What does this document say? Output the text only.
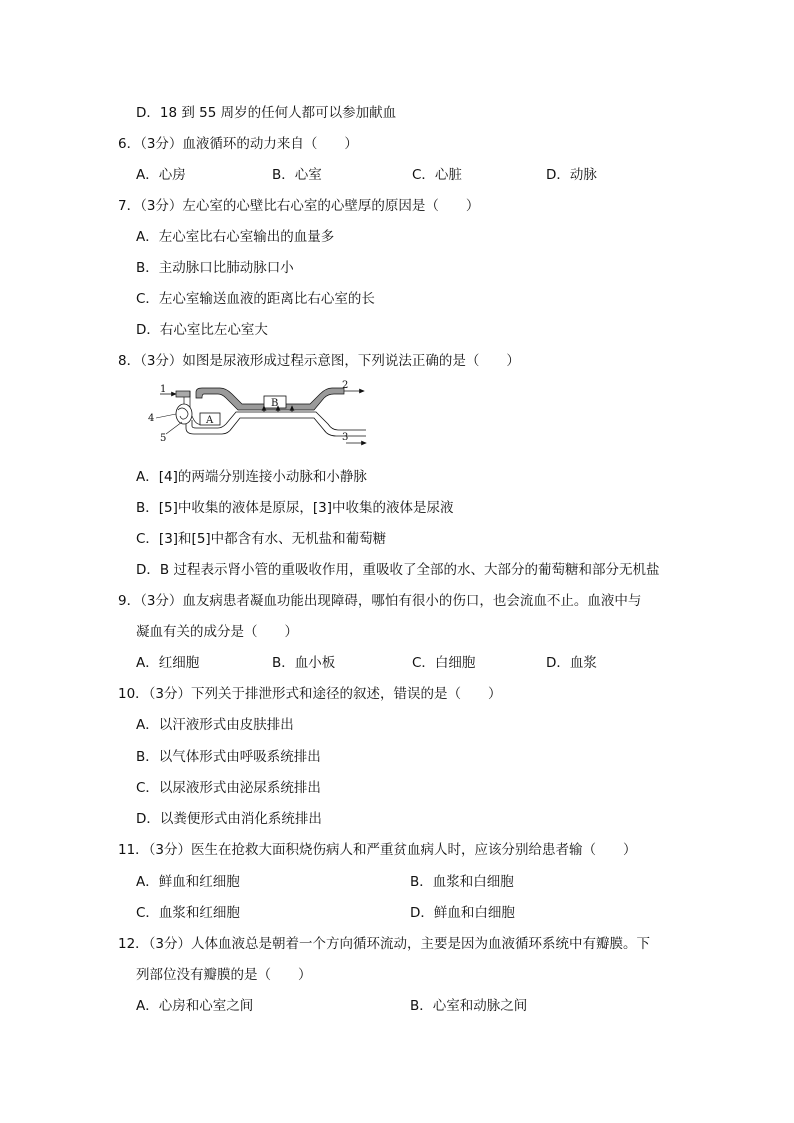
D．18 到 55 周岁的任何人都可以参加献血
6．（3分）血液循环的动力来自（　　）
A．心房	B．心室	C．心脏	D．动脉
7．（3分）左心室的心壁比右心室的心壁厚的原因是（　　）
A．左心室比右心室输出的血量多
B．主动脉口比肺动脉口小
C．左心室输送血液的距离比右心室的长
D．右心室比左心室大
8．（3分）如图是尿液形成过程示意图，下列说法正确的是（　　）
1	2
3
4
5
A
B
A．[4]的两端分别连接小动脉和小静脉
B．[5]中收集的液体是原尿，[3]中收集的液体是尿液
C．[3]和[5]中都含有水、无机盐和葡萄糖
D．B 过程表示肾小管的重吸收作用，重吸收了全部的水、大部分的葡萄糖和部分无机盐
9．（3分）血友病患者凝血功能出现障碍，哪怕有很小的伤口，也会流血不止。血液中与
凝血有关的成分是（　　）
A．红细胞	B．血小板	C．白细胞	D．血浆
10．（3分）下列关于排泄形式和途径的叙述，错误的是（　　）
A．以汗液形式由皮肤排出
B．以气体形式由呼吸系统排出
C．以尿液形式由泌尿系统排出
D．以粪便形式由消化系统排出
11．（3分）医生在抢救大面积烧伤病人和严重贫血病人时，应该分别给患者输（　　）
A．鲜血和红细胞	B．血浆和白细胞
C．血浆和红细胞	D．鲜血和白细胞
12．（3分）人体血液总是朝着一个方向循环流动，主要是因为血液循环系统中有瓣膜。下
列部位没有瓣膜的是（　　）
A．心房和心室之间	B．心室和动脉之间
